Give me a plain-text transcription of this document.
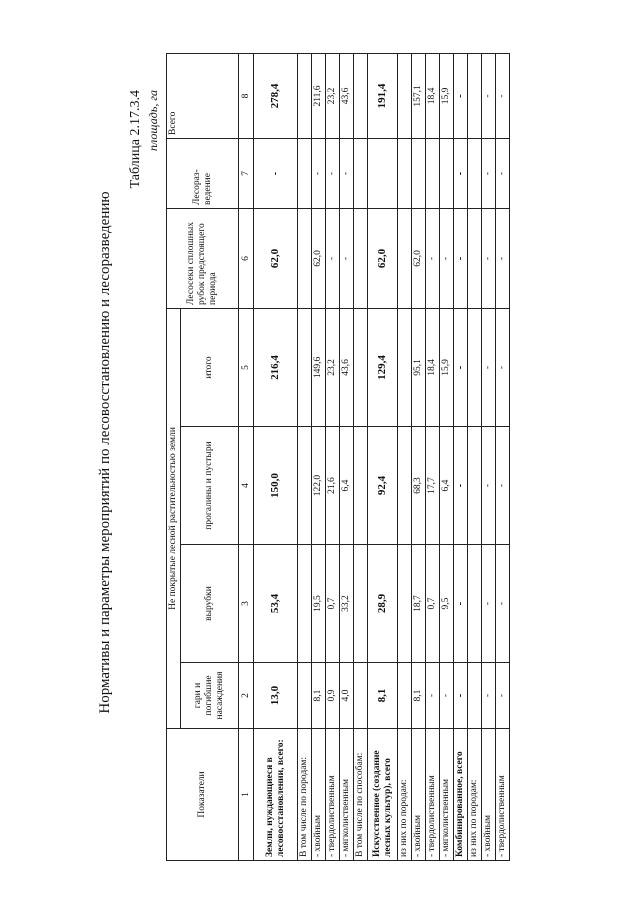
Нормативы и параметры мероприятий по лесовосстановлению и лесоразведению
Таблица 2.17.3.4 площадь, га
Показатели	Не покрытые лесной растительностью земли				Лесосеки сплошных рубок предстоящего периода	Лесораз-ведение	Всего
	гари и погибшие насаждения	вырубки	прогалины и пустыри	итого			
1	2	3	4	5	6	7	8
Земли, нуждающиеся в лесовосстановлении, всего:	13,0	53,4	150,0	216,4	62,0	-	278,4
В том числе по породам:							
- хвойным	8,1	19,5	122,0	149,6	62,0	-	211,6
- твердолиственным	0,9	0,7	21,6	23,2	-	-	23,2
- мягколиственным	4,0	33,2	6,4	43,6	-	-	43,6
В том числе по способам:							
Искусственное (создание лесных культур), всего	8,1	28,9	92,4	129,4	62,0		191,4
из них по породам:							
- хвойным	8,1	18,7	68,3	95,1	62,0		157,1
- твердолиственным	-	0,7	17,7	18,4	-		18,4
- мягколиственным	-	9,5	6,4	15,9	-		15,9
Комбинированное, всего	-	-	-	-	-	-	-
из них по породам:							
- хвойным	-	-	-	-	-	-	-
- твердолиственным	-	-	-	-	-	-	-
